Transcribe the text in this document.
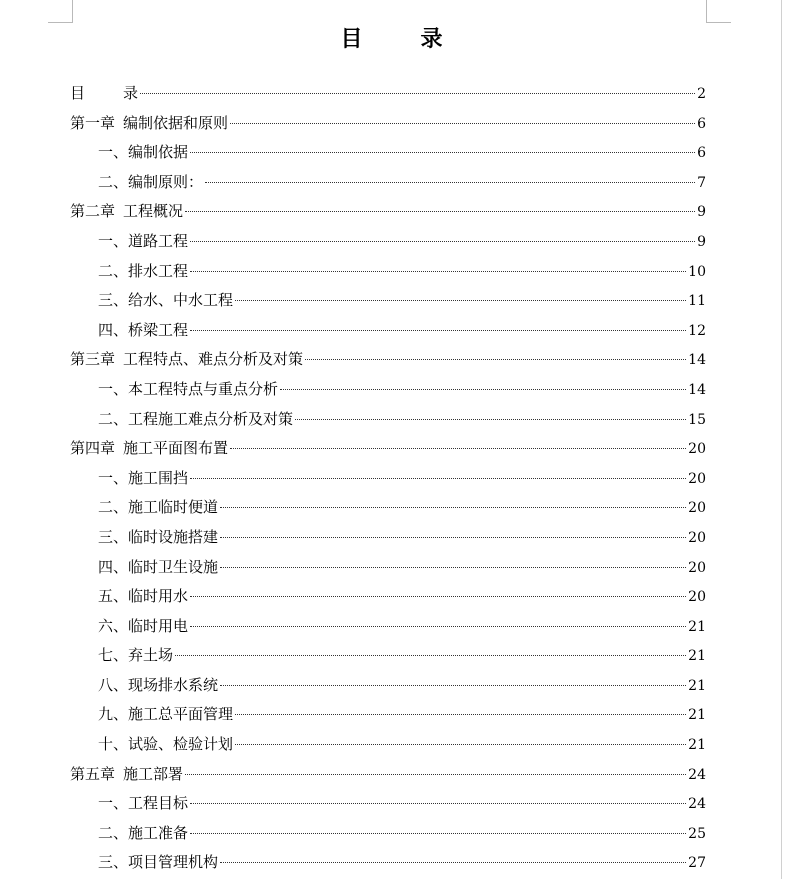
目	录
目	录	2
第一章 编制依据和原则	6
一、编制依据	6
二、编制原则：	7
第二章 工程概况	9
一、道路工程	9
二、排水工程	10
三、给水、中水工程	11
四、桥梁工程	12
第三章 工程特点、难点分析及对策	14
一、本工程特点与重点分析	14
二、工程施工难点分析及对策	15
第四章 施工平面图布置	20
一、施工围挡	20
二、施工临时便道	20
三、临时设施搭建	20
四、临时卫生设施	20
五、临时用水	20
六、临时用电	21
七、弃土场	21
八、现场排水系统	21
九、施工总平面管理	21
十、试验、检验计划	21
第五章 施工部署	24
一、工程目标	24
二、施工准备	25
三、项目管理机构	27
